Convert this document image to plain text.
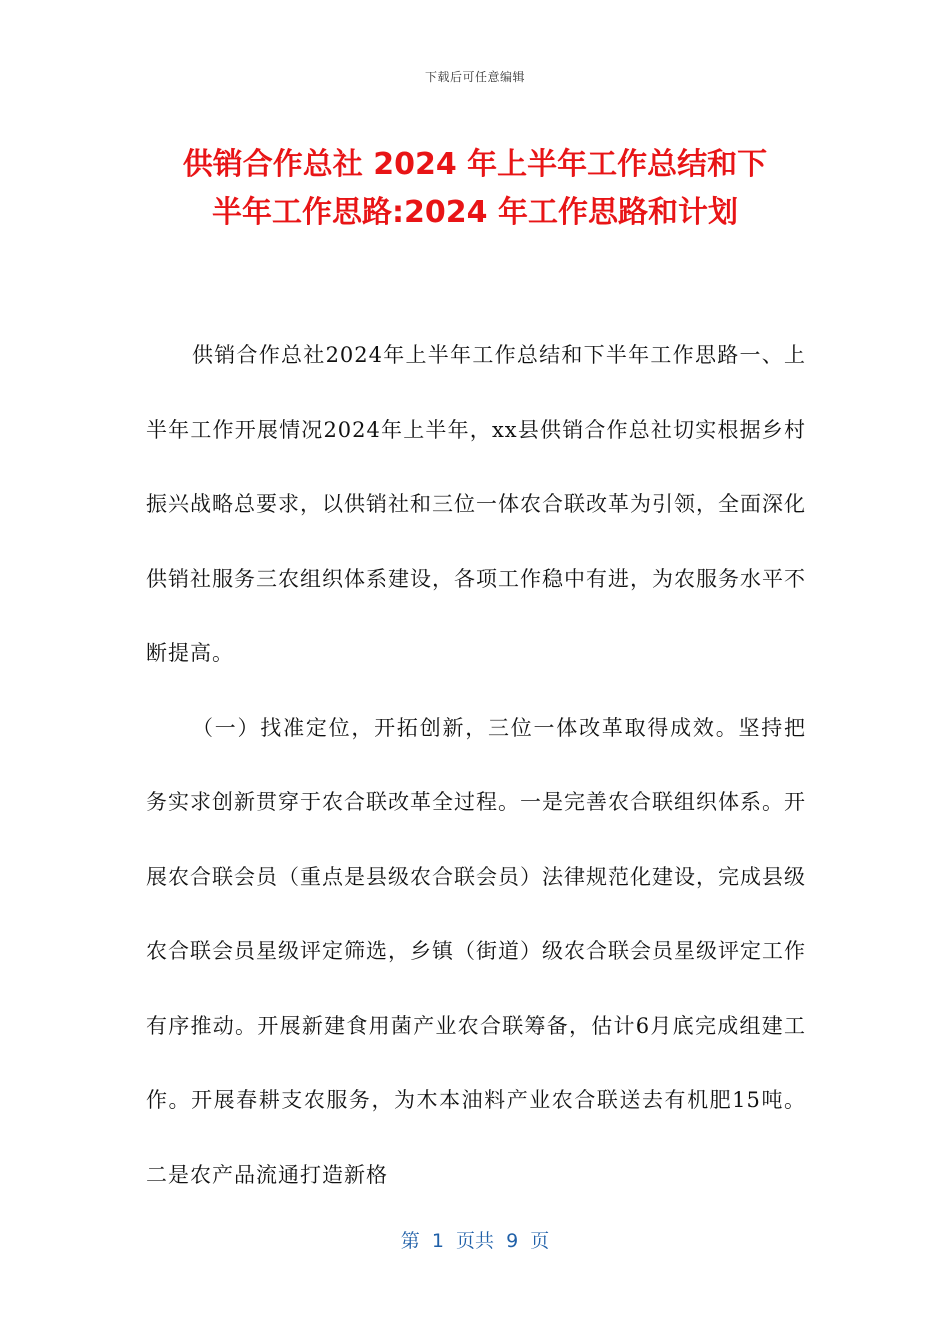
下载后可任意编辑
供销合作总社 2024 年上半年工作总结和下
半年工作思路:2024 年工作思路和计划

供销合作总社2024年上半年工作总结和下半年工作思路一、上半年工作开展情况2024年上半年，xx县供销合作总社切实根据乡村振兴战略总要求，以供销社和三位一体农合联改革为引领，全面深化供销社服务三农组织体系建设，各项工作稳中有进，为农服务水平不断提高。

（一）找准定位，开拓创新，三位一体改革取得成效。坚持把务实求创新贯穿于农合联改革全过程。一是完善农合联组织体系。开展农合联会员（重点是县级农合联会员）法律规范化建设，完成县级农合联会员星级评定筛选，乡镇（街道）级农合联会员星级评定工作有序推动。开展新建食用菌产业农合联筹备，估计6月底完成组建工作。开展春耕支农服务，为木本油料产业农合联送去有机肥15吨。二是农产品流通打造新格

第  1  页共  9  页
